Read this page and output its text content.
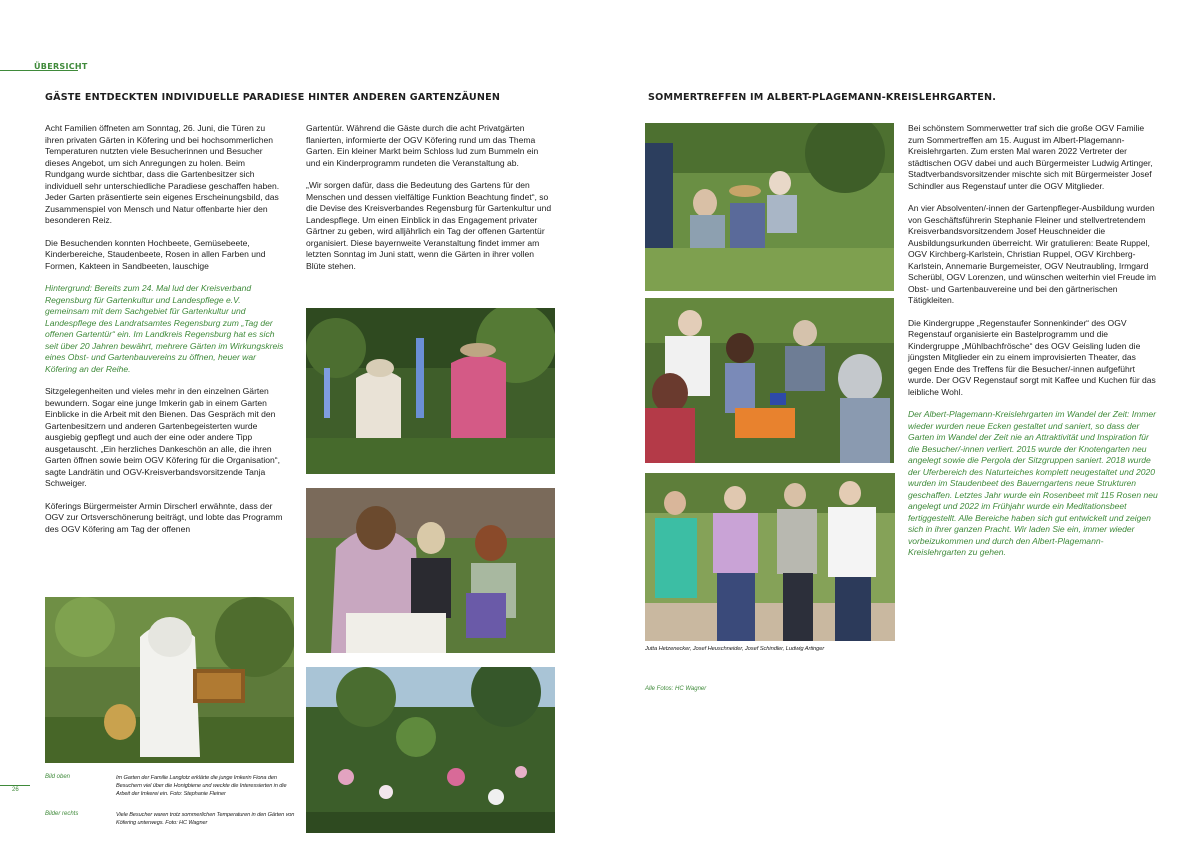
ÜBERSICHT
GÄSTE ENTDECKTEN INDIVIDUELLE PARADIESE HINTER ANDEREN GARTENZÄUNEN

Acht Familien öffneten am Sonntag, 26. Juni, die Türen zu ihren privaten Gärten in Köfering und bei hochsommerlichen Temperaturen nutzten viele Besucherinnen und Besucher dieses Angebot, um sich Anregungen zu holen. Beim Rundgang wurde sichtbar, dass die Gartenbesitzer sich individuell sehr unterschiedliche Paradiese geschaffen haben. Jeder Garten präsentierte sein eigenes Erscheinungsbild, das Zusammenspiel von Mensch und Natur offenbarte hier den besonderen Reiz.

Die Besuchenden konnten Hochbeete, Gemüsebeete, Kinderbereiche, Staudenbeete, Rosen in allen Farben und Formen, Kakteen in Sandbeeten, lauschige

Hintergrund: Bereits zum 24. Mal lud der Kreisverband Regensburg für Gartenkultur und Landespflege e.V. gemeinsam mit dem Sachgebiet für Gartenkultur und Landespflege des Landratsamtes Regensburg zum „Tag der offenen Gartentür“ ein. Im Landkreis Regensburg hat es sich seit über 20 Jahren bewährt, mehrere Gärten im Wirkungskreis eines Obst- und Gartenbauvereins zu öffnen, heuer war Köfering an der Reihe.

Sitzgelegenheiten und vieles mehr in den einzelnen Gärten bewundern. Sogar eine junge Imkerin gab in einem Garten Einblicke in die Arbeit mit den Bienen. Das Gespräch mit den Gartenbesitzern und anderen Gartenbegeisterten wurde ausgiebig gepflegt und auch der eine oder andere Tipp ausgetauscht. „Ein herzliches Dankeschön an alle, die ihren Garten öffnen sowie beim OGV Köfering für die Organisation“, sagte Landrätin und OGV-Kreisverbandsvorsitzende Tanja Schweiger.

Köferings Bürgermeister Armin Dirscherl erwähnte, dass der OGV zur Ortsverschönerung beiträgt, und lobte das Programm des OGV Köfering am Tag der offenen

Gartentür. Während die Gäste durch die acht Privatgärten flanierten, informierte der OGV Köfering rund um das Thema Garten. Ein kleiner Markt beim Schloss lud zum Bummeln ein und ein Kinderprogramm rundeten die Veranstaltung ab.

„Wir sorgen dafür, dass die Bedeutung des Gartens für den Menschen und dessen vielfältige Funktion Beachtung findet“, so die Devise des Kreisverbandes Regensburg für Gartenkultur und Landespflege. Um einen Einblick in das Engagement privater Gärtner zu geben, wird alljährlich ein Tag der offenen Gartentür organisiert. Diese bayernweite Veranstaltung findet immer am letzten Sonntag im Juni statt, wenn die Gärten in ihrer vollen Blüte stehen.

26
Bild oben	Im Garten der Familie Langlotz erklärte die junge Imkerin Fiona den Besuchern viel über die Honigbiene und weckte die Interessierten in die Arbeit der Imkerei ein. Foto: Stephanie Fleiner
Bilder rechts	Viele Besucher waren trotz sommerlichen Temperaturen in den Gärten von Köfering unterwegs. Foto: HC Wagner
SOMMERTREFFEN IM ALBERT-PLAGEMANN-KREISLEHRGARTEN.
Jutta Hetzenecker, Josef Heuschneider, Josef Schindler, Ludwig Artinger
Alle Fotos: HC Wagner

Bei schönstem Sommerwetter traf sich die große OGV Familie zum Sommertreffen am 15. August im Albert-Plagemann-Kreislehrgarten. Zum ersten Mal waren 2022 Vertreter der städtischen OGV dabei und auch Bürgermeister Ludwig Artinger, Stadtverbandsvorsitzender mischte sich mit Bürgermeister Josef Schindler aus Regenstauf unter die OGV Mitglieder.

An vier Absolventen/-innen der Gartenpfleger-Ausbildung wurden von Geschäftsführerin Stephanie Fleiner und stellvertretendem Kreisverbandsvorsitzendem Josef Heuschneider die Ausbildungsurkunden überreicht. Wir gratulieren: Beate Ruppel, OGV Kirchberg-Karlstein, Christian Ruppel, OGV Kirchberg-Karlstein, Annemarie Burgemeister, OGV Neutraubling, Irmgard Scherübl, OGV Lorenzen, und wünschen weiterhin viel Freude im Obst- und Gartenbauvereine und bei den gärtnerischen Tätigkleiten.

Die Kindergruppe „Regenstaufer Sonnenkinder“ des OGV Regenstauf organisierte ein Bastelprogramm und die Kindergruppe „Mühlbachfrösche“ des OGV Geisling luden die jüngsten Mitglieder ein zu einem improvisierten Theater, das gegen Ende des Treffens für die Besucher/-innen aufgeführt wurde. Der OGV Regenstauf sorgt mit Kaffee und Kuchen für das leibliche Wohl.

Der Albert-Plagemann-Kreislehrgarten im Wandel der Zeit: Immer wieder wurden neue Ecken gestaltet und saniert, so dass der Garten im Wandel der Zeit nie an Attraktivität und Inspiration für die Besucher/-innen verliert. 2015 wurde der Knotengarten neu angelegt sowie die Pergola der Sitzgruppen saniert. 2018 wurde der Uferbereich des Naturteiches komplett neugestaltet und 2020 wurden im Staudenbeet des Bauerngartens neue Strukturen geschaffen. Letztes Jahr wurde ein Rosenbeet mit 115 Rosen neu angelegt und 2022 im Frühjahr wurde ein Meditationsbeet fertiggestellt. Alle Bereiche haben sich gut entwickelt und zeigen sich in ihrer ganzen Pracht. Wir laden Sie ein, immer wieder vorbeizukommen und durch den Albert-Plagemann-Kreislehrgarten zu gehen.
